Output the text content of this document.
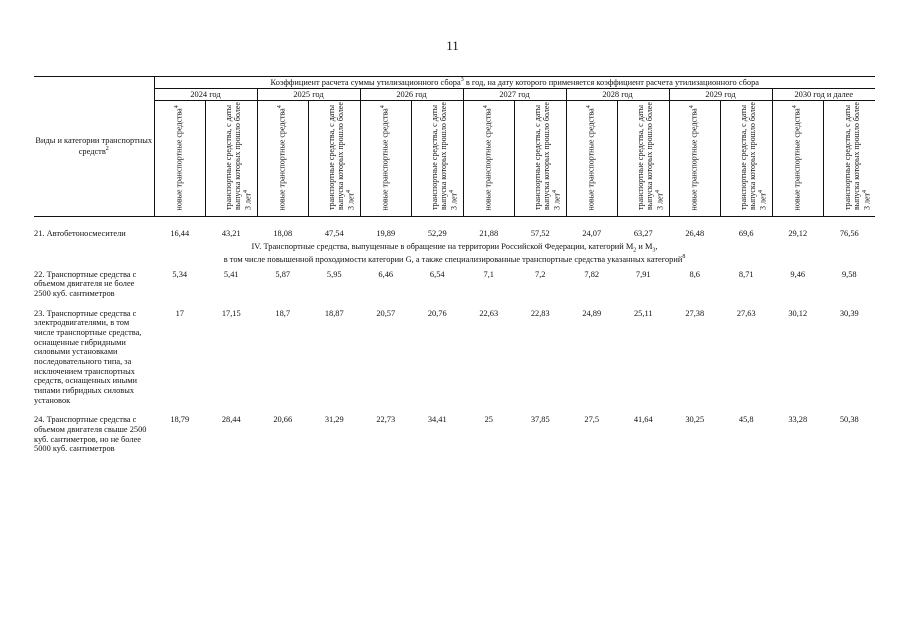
11
Виды и категории транспортных средств$^2$	Коэффициент расчета суммы утилизационного сбора$^3$ в год, на дату которого применяется коэффициент расчета утилизационного сбора													
	2024 год		2025 год		2026 год		2027 год		2028 год		2029 год		2030 год и далее	

	новые транспортные средства$^4$	транспортные средства, с даты выпуска которых прошло более 3 лет$^4$	новые транспортные средства$^4$	транспортные средства, с даты выпуска которых прошло более 3 лет$^4$	новые транспортные средства$^4$	транспортные средства, с даты выпуска которых прошло более 3 лет$^4$	новые транспортные средства$^4$	транспортные средства, с даты выпуска которых прошло более 3 лет$^4$	новые транспортные средства$^4$	транспортные средства, с даты выпуска которых прошло более 3 лет$^4$	новые транспортные средства$^4$	транспортные средства, с даты выпуска которых прошло более 3 лет$^4$	новые транспортные средства$^4$	транспортные средства, с даты выпуска которых прошло более 3 лет$^4$

21. Автобетоносмесители	16,44	43,21	18,08	47,54	19,89	52,29	21,88	57,52	24,07	63,27	26,48	69,6	29,12	76,56

IV. Транспортные средства, выпущенные в обращение на территории Российской Федерации, категорий $M_2$ и $M_3$,
в том числе повышенной проходимости категории G, а также специализированные транспортные средства указанных категорий$^8$

22. Транспортные средства с объемом двигателя не более 2500 куб. сантиметров	5,34	5,41	5,87	5,95	6,46	6,54	7,1	7,2	7,82	7,91	8,6	8,71	9,46	9,58
23. Транспортные средства с электродвигателями, в том числе транспортные средства, оснащенные гибридными силовыми установками последовательного типа, за исключением транспортных средств, оснащенных иными типами гибридных силовых установок	17	17,15	18,7	18,87	20,57	20,76	22,63	22,83	24,89	25,11	27,38	27,63	30,12	30,39
24. Транспортные средства с объемом двигателя свыше 2500 куб. сантиметров, но не более 5000 куб. сантиметров	18,79	28,44	20,66	31,29	22,73	34,41	25	37,85	27,5	41,64	30,25	45,8	33,28	50,38
